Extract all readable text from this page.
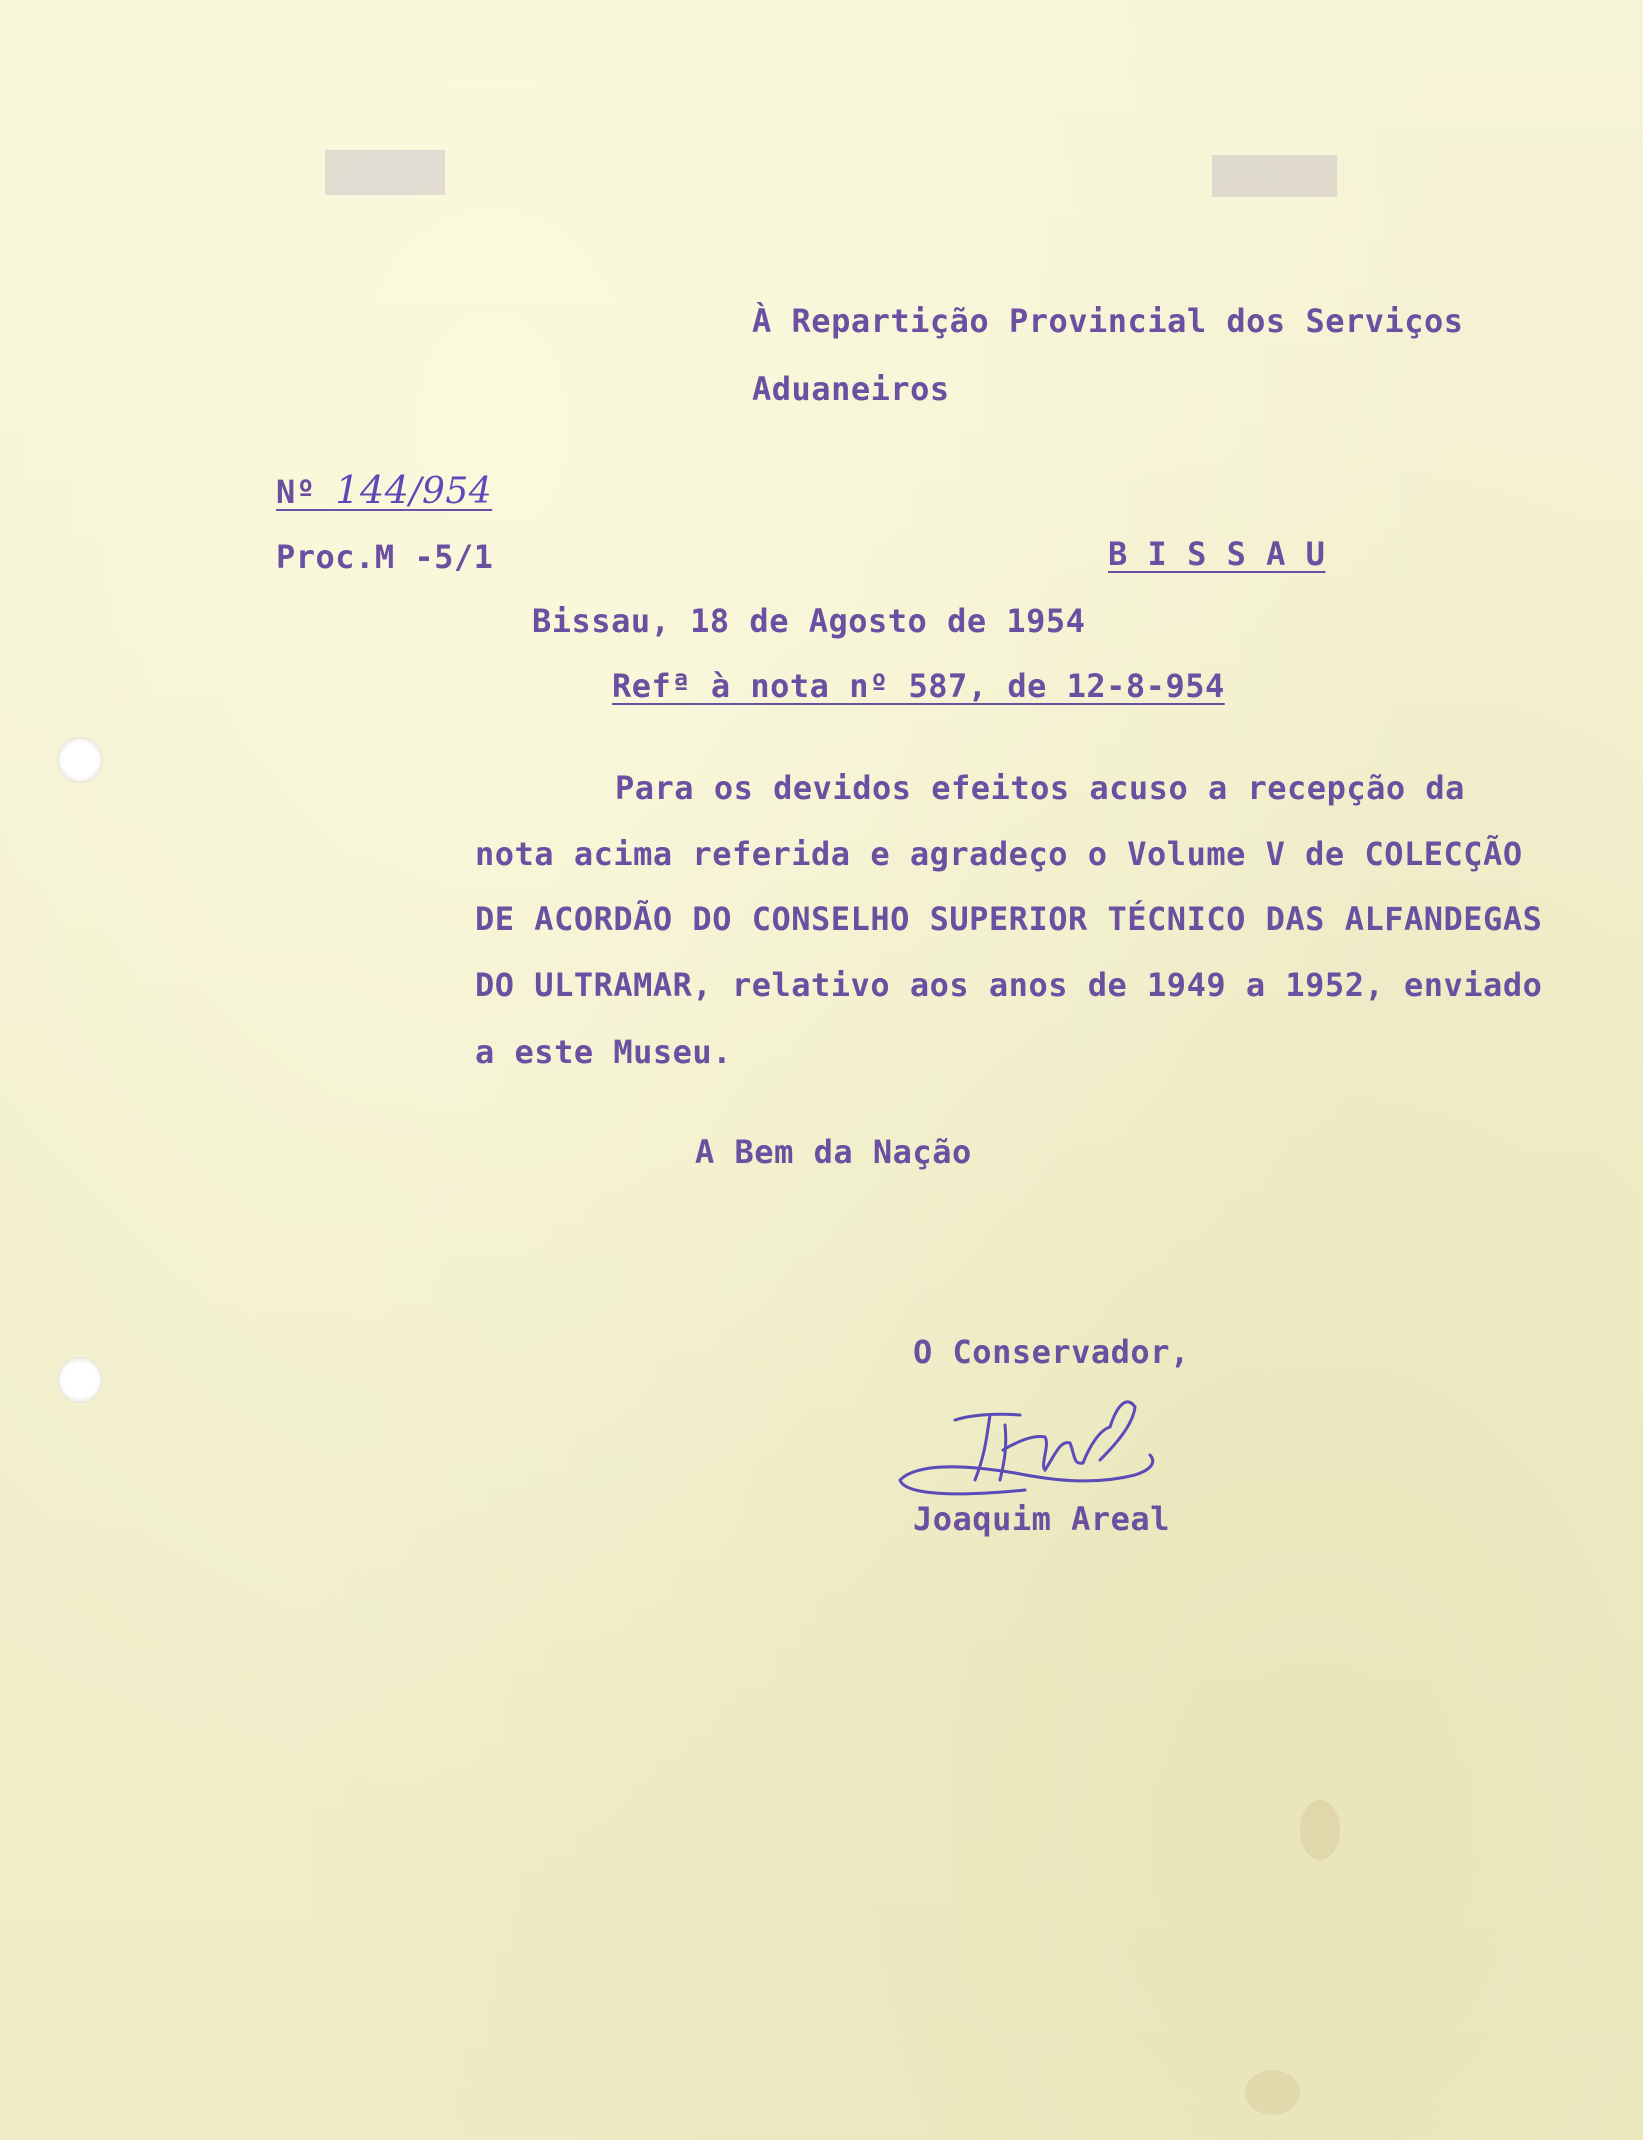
À Repartição Provincial dos Serviços
Aduaneiros
Nº 144/954
Proc.M -5/1	B I S S A U
Bissau, 18 de Agosto de 1954
Refª à nota nº 587, de 12-8-954
Para os devidos efeitos acuso a recepção da
nota acima referida e agradeço o Volume V de COLECÇÃO
DE ACORDÃO DO CONSELHO SUPERIOR TÉCNICO DAS ALFANDEGAS
DO ULTRAMAR, relativo aos anos de 1949 a 1952, enviado
a este Museu.
A Bem da Nação
O Conservador,
Joaquim Areal
